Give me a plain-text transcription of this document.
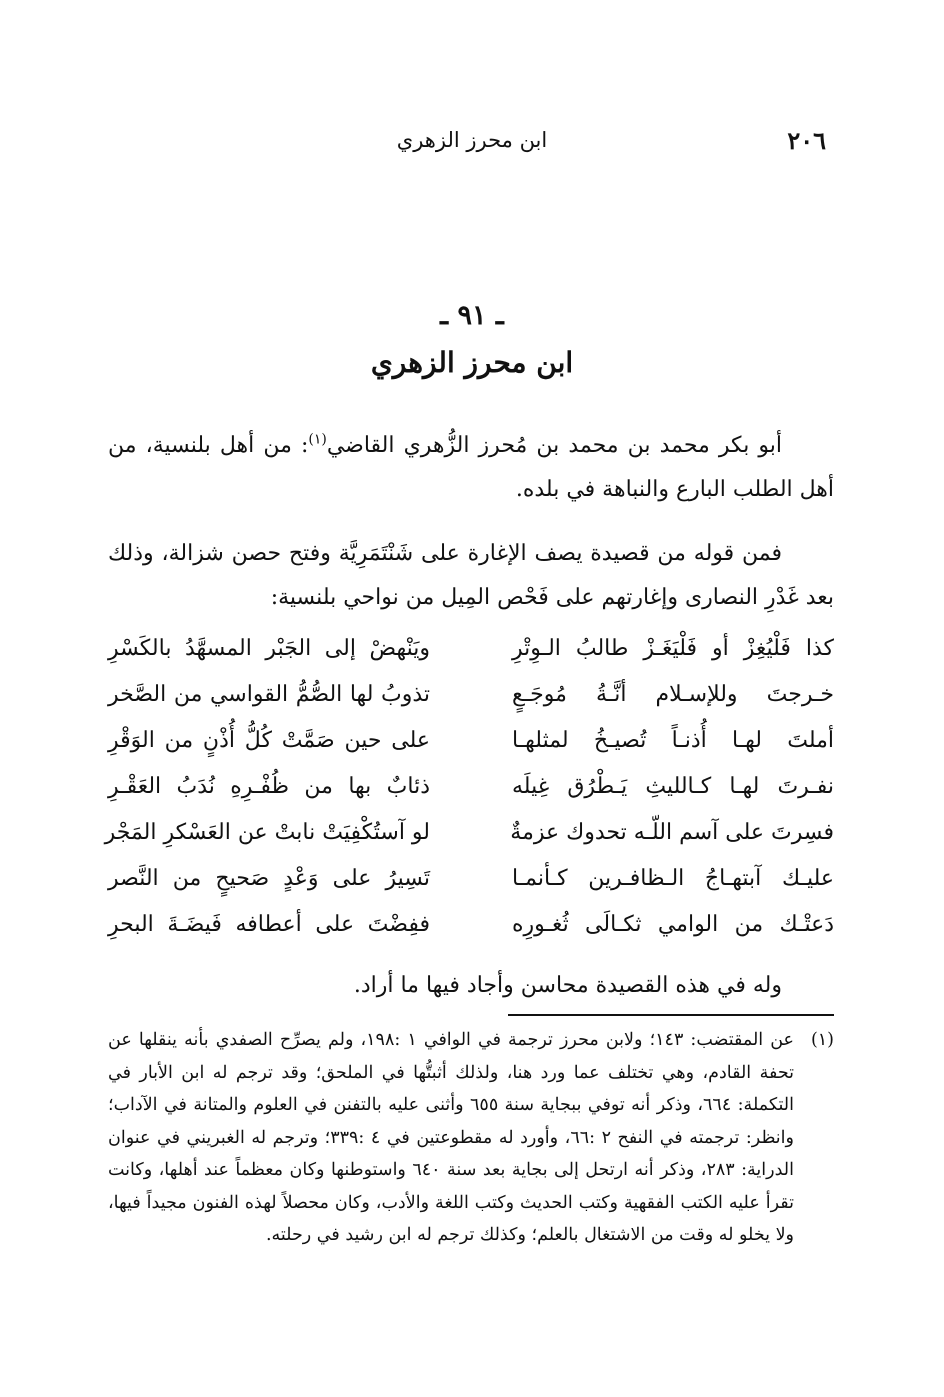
٢٠٦
ابن محرز الزهري
ـ ٩١ ـ
ابن محرز الزهري

أبو بكر محمد بن محمد بن مُحرز الزُّهري القاضي$^{(١)}$: من أهل بلنسية، من أهل الطلب البارع والنباهة في بلده.

فمن قوله من قصيدة يصف الإغارة على شَنْتَمَرِيَّة وفتح حصن شزالة، وذلك بعد غَدْرِ النصارى وإغارتهم على فَحْص المِيل من نواحي بلنسية:

كذا فَلْيُغِزْ أو فَلْيَغَـزْ طالبُ الـوِتْرِ
ويَنْهضْ إلى الجَبْر المسهَّدُ بالكَسْرِ
خـرجتَ وللإسـلام أنَّـةُ مُوجَـعٍ
تذوبُ لها الصُّمُّ القواسي من الصَّخر
أملتَ لهـا أُذنـاً تُصيـخُ لمثلهـا
على حين صَمَّتْ كُلُّ أُذْنٍ من الوَقْرِ
نفـرتَ لهـا كـالليثِ يَـطْرُق غِيلَه
ذئابٌ بها من ظُفْـرِهِ نُدَبُ العَقْـرِ
فسِرتَ على آسم اللّـه تحدوك عزمةٌ
لو آستُكْفِيَتْ نابتْ عن العَسْكرِ المَجْر
عليـك آبتهـاجُ الـظافـرين كـأنمـا
تَسِيرُ على وَعْدٍ صَحيحٍ من النَّصر
دَعتْـك من الوامي ثكـالَى ثُغـورِه
ففِضْتَ على أعطافه فَيضَـةَ البحرِ

وله في هذه القصيدة محاسن وأجاد فيها ما أراد.

(١)
عن المقتضب: ١٤٣؛ ولابن محرز ترجمة في الوافي ١ :١٩٨، ولم يصرِّح الصفدي بأنه ينقلها عن تحفة القادم، وهي تختلف عما ورد هنا، ولذلك أثبتُّها في الملحق؛ وقد ترجم له ابن الأبار في التكملة: ٦٦٤، وذكر أنه توفي ببجاية سنة ٦٥٥ وأثنى عليه بالتفنن في العلوم والمتانة في الآداب؛ وانظر: ترجمته في النفح ٢ :٦٦، وأورد له مقطوعتين في ٤ :٣٣٩؛ وترجم له الغبريني في عنوان الدراية: ٢٨٣، وذكر أنه ارتحل إلى بجاية بعد سنة ٦٤٠ واستوطنها وكان معظماً عند أهلها، وكانت تقرأ عليه الكتب الفقهية وكتب الحديث وكتب اللغة والأدب، وكان محصلاً لهذه الفنون مجيداً فيها، ولا يخلو له وقت من الاشتغال بالعلم؛ وكذلك ترجم له ابن رشيد في رحلته.
